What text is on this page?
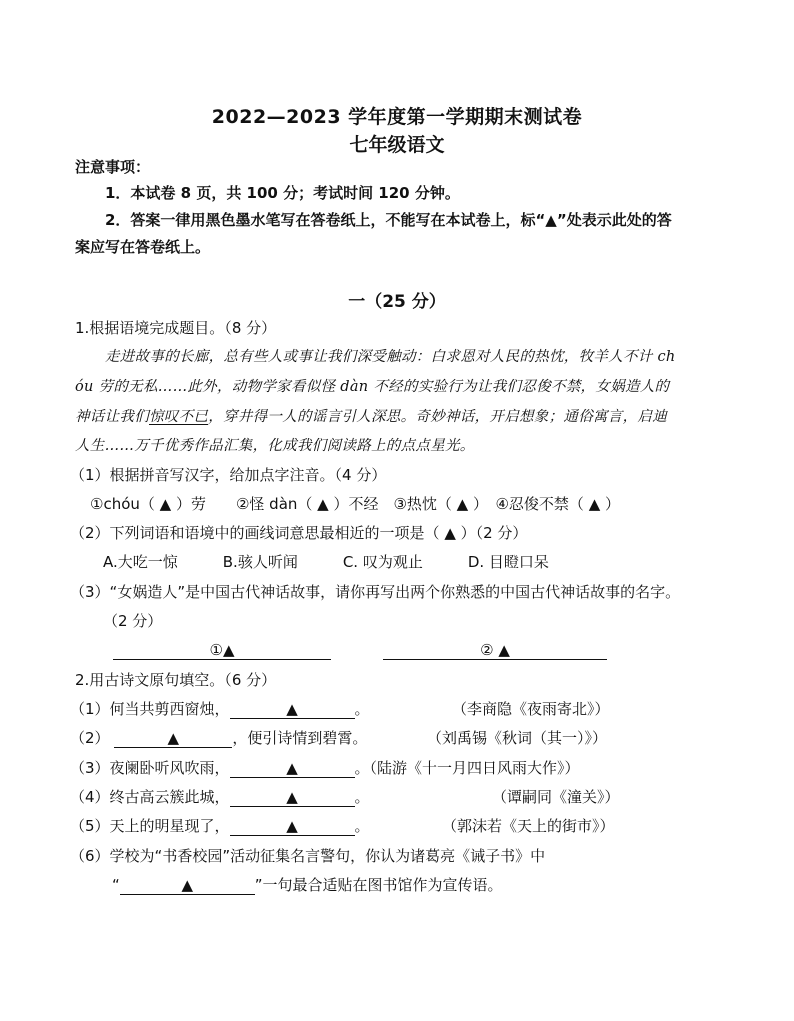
2022—2023 学年度第一学期期末测试卷
七年级语文
注意事项：
1．本试卷 8 页，共 100 分；考试时间 120 分钟。
2．答案一律用黑色墨水笔写在答卷纸上，不能写在本试卷上，标“▲”处表示此处的答
案应写在答卷纸上。
一（25 分）
1.根据语境完成题目。（8 分）
走进故事的长廊，总有些人或事让我们深受触动：白求恩对人民的热忱，牧羊人不计 ch
óu 劳的无私……此外，动物学家看似怪 dàn 不经的实验行为让我们忍俊不禁，女娲造人的
神话让我们惊叹不已，穿井得一人的谣言引人深思。奇妙神话，开启想象；通俗寓言，启迪
人生……万千优秀作品汇集，化成我们阅读路上的点点星光。
（1）根据拼音写汉字，给加点字注音。（4 分）
①chóu（ ▲ ）劳　　②怪 dàn（ ▲ ）不经　③热忱（ ▲ ）　④忍俊不禁（ ▲ ）
（2）下列词语和语境中的画线词意思最相近的一项是（ ▲ ）（2 分）
A.大吃一惊　　　B.骇人听闻　　　C. 叹为观止　　　D. 目瞪口呆
（3）“女娲造人”是中国古代神话故事，请你再写出两个你熟悉的中国古代神话故事的名字。
（2 分）
①▲	② ▲
2.用古诗文原句填空。（6 分）
（1）何当共剪西窗烛，	▲	。	（李商隐《夜雨寄北》）
（2）	▲	，便引诗情到碧霄。	（刘禹锡《秋词（其一）》）
（3）夜阑卧听风吹雨，	▲	。（陆游《十一月四日风雨大作》）
（4）终古高云簇此城，	▲	。	（谭嗣同《潼关》）
（5）天上的明星现了，	▲	。	（郭沫若《天上的街市》）
（6）学校为“书香校园”活动征集名言警句，你认为诸葛亮《诫子书》中
“	▲	”一句最合适贴在图书馆作为宣传语。
